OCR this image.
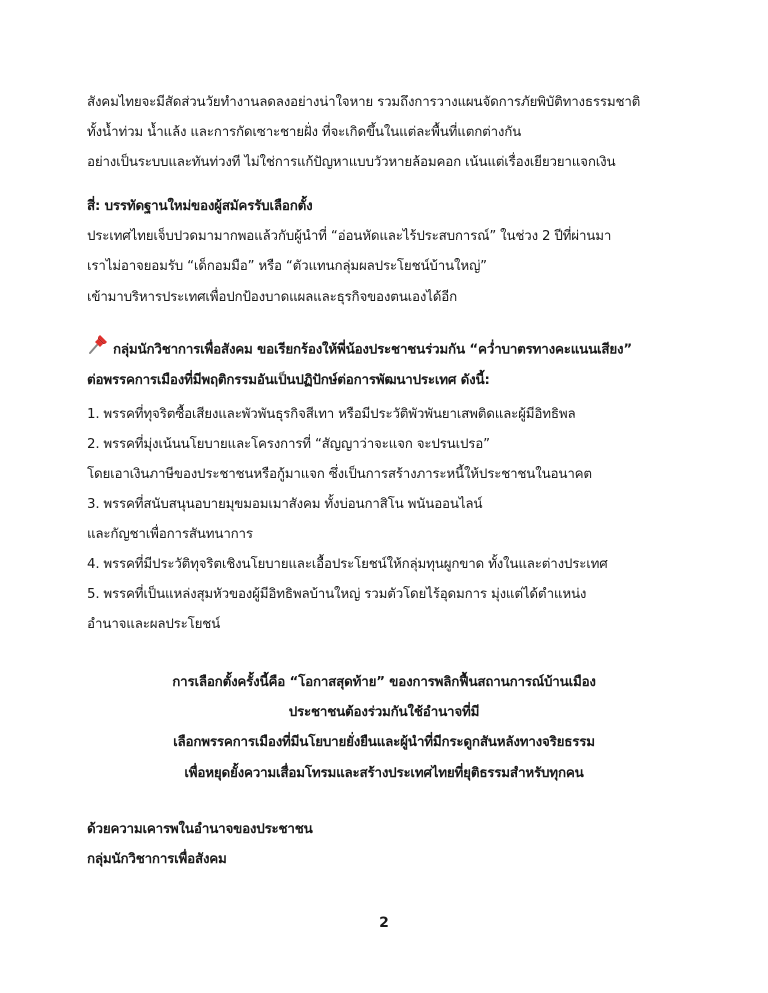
สังคมไทยจะมีสัดส่วนวัยทำงานลดลงอย่างน่าใจหาย รวมถึงการวางแผนจัดการภัยพิบัติทางธรรมชาติ
ทั้งน้ำท่วม น้ำแล้ง และการกัดเซาะชายฝั่ง ที่จะเกิดขึ้นในแต่ละพื้นที่แตกต่างกัน
อย่างเป็นระบบและทันท่วงที ไม่ใช่การแก้ปัญหาแบบวัวหายล้อมคอก เน้นแต่เรื่องเยียวยาแจกเงิน
สี่: บรรทัดฐานใหม่ของผู้สมัครรับเลือกตั้ง
ประเทศไทยเจ็บปวดมามากพอแล้วกับผู้นำที่ “อ่อนหัดและไร้ประสบการณ์” ในช่วง 2 ปีที่ผ่านมา
เราไม่อาจยอมรับ “เด็กอมมือ” หรือ “ตัวแทนกลุ่มผลประโยชน์บ้านใหญ่”
เข้ามาบริหารประเทศเพื่อปกป้องบาดแผลและธุรกิจของตนเองได้อีก
กลุ่มนักวิชาการเพื่อสังคม ขอเรียกร้องให้พี่น้องประชาชนร่วมกัน “คว่ำบาตรทางคะแนนเสียง”
ต่อพรรคการเมืองที่มีพฤติกรรมอันเป็นปฏิปักษ์ต่อการพัฒนาประเทศ ดังนี้:
1. พรรคที่ทุจริตซื้อเสียงและพัวพันธุรกิจสีเทา หรือมีประวัติพัวพันยาเสพติดและผู้มีอิทธิพล
2. พรรคที่มุ่งเน้นนโยบายและโครงการที่ “สัญญาว่าจะแจก จะปรนเปรอ”
โดยเอาเงินภาษีของประชาชนหรือกู้มาแจก ซึ่งเป็นการสร้างภาระหนี้ให้ประชาชนในอนาคต
3. พรรคที่สนับสนุนอบายมุขมอมเมาสังคม ทั้งบ่อนกาสิโน พนันออนไลน์
และกัญชาเพื่อการสันทนาการ
4. พรรคที่มีประวัติทุจริตเชิงนโยบายและเอื้อประโยชน์ให้กลุ่มทุนผูกขาด ทั้งในและต่างประเทศ
5. พรรคที่เป็นแหล่งสุมหัวของผู้มีอิทธิพลบ้านใหญ่ รวมตัวโดยไร้อุดมการ มุ่งแต่ได้ตำแหน่ง
อำนาจและผลประโยชน์
การเลือกตั้งครั้งนี้คือ “โอกาสสุดท้าย” ของการพลิกฟื้นสถานการณ์บ้านเมือง
ประชาชนต้องร่วมกันใช้อำนาจที่มี
เลือกพรรคการเมืองที่มีนโยบายยั่งยืนและผู้นำที่มีกระดูกสันหลังทางจริยธรรม
เพื่อหยุดยั้งความเสื่อมโทรมและสร้างประเทศไทยที่ยุติธรรมสำหรับทุกคน
ด้วยความเคารพในอำนาจของประชาชน
กลุ่มนักวิชาการเพื่อสังคม
2
